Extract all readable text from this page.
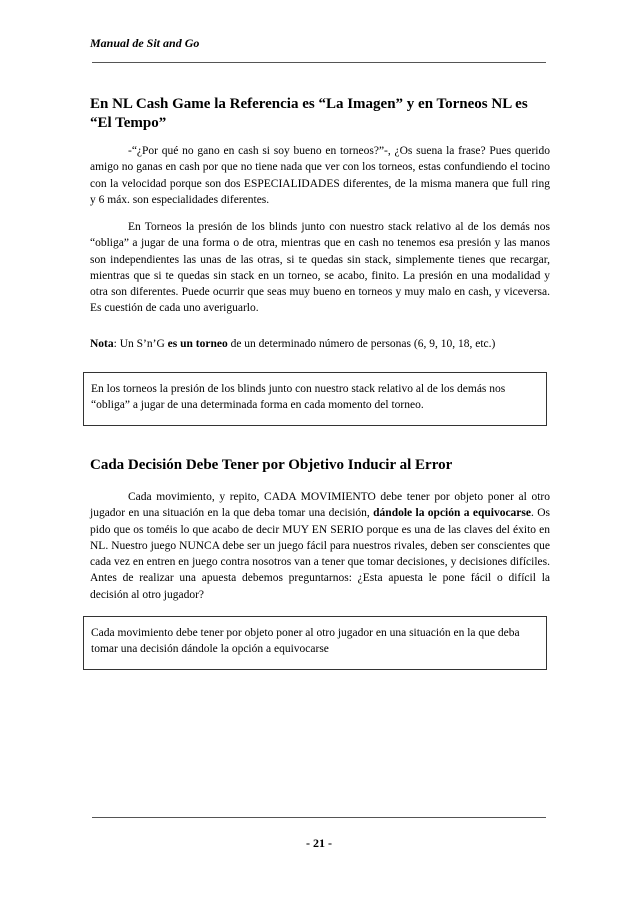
Manual de Sit and Go
En NL Cash Game la Referencia es “La Imagen” y en Torneos NL es “El Tempo”

-“¿Por qué no gano en cash si soy bueno en torneos?”-, ¿Os suena la frase? Pues querido amigo no ganas en cash por que no tiene nada que ver con los torneos, estas confundiendo el tocino con la velocidad porque son dos ESPECIALIDADES diferentes, de la misma manera que full ring y 6 máx. son especialidades diferentes.

En Torneos la presión de los blinds junto con nuestro stack relativo al de los demás nos “obliga” a jugar de una forma o de otra, mientras que en cash no tenemos esa presión y las manos son independientes las unas de las otras, si te quedas sin stack, simplemente tienes que recargar, mientras que si te quedas sin stack en un torneo, se acabo, finito. La presión en una modalidad y otra son diferentes. Puede ocurrir que seas muy bueno en torneos y muy malo en cash, y viceversa. Es cuestión de cada uno averiguarlo.

Nota: Un S’n’G es un torneo de un determinado número de personas (6, 9, 10, 18, etc.)

En los torneos la presión de los blinds junto con nuestro stack relativo al de los demás nos “obliga” a jugar de una determinada forma en cada momento del torneo.
Cada Decisión Debe Tener por Objetivo Inducir al Error

Cada movimiento, y repito, CADA MOVIMIENTO debe tener por objeto poner al otro jugador en una situación en la que deba tomar una decisión, dándole la opción a equivocarse. Os pido que os toméis lo que acabo de decir MUY EN SERIO porque es una de las claves del éxito en NL. Nuestro juego NUNCA debe ser un juego fácil para nuestros rivales, deben ser conscientes que cada vez en entren en juego contra nosotros van a tener que tomar decisiones, y decisiones difíciles. Antes de realizar una apuesta debemos preguntarnos: ¿Esta apuesta le pone fácil o difícil la decisión al otro jugador?

Cada movimiento debe tener por objeto poner al otro jugador en una situación en la que deba tomar una decisión dándole la opción a equivocarse
- 21 -
